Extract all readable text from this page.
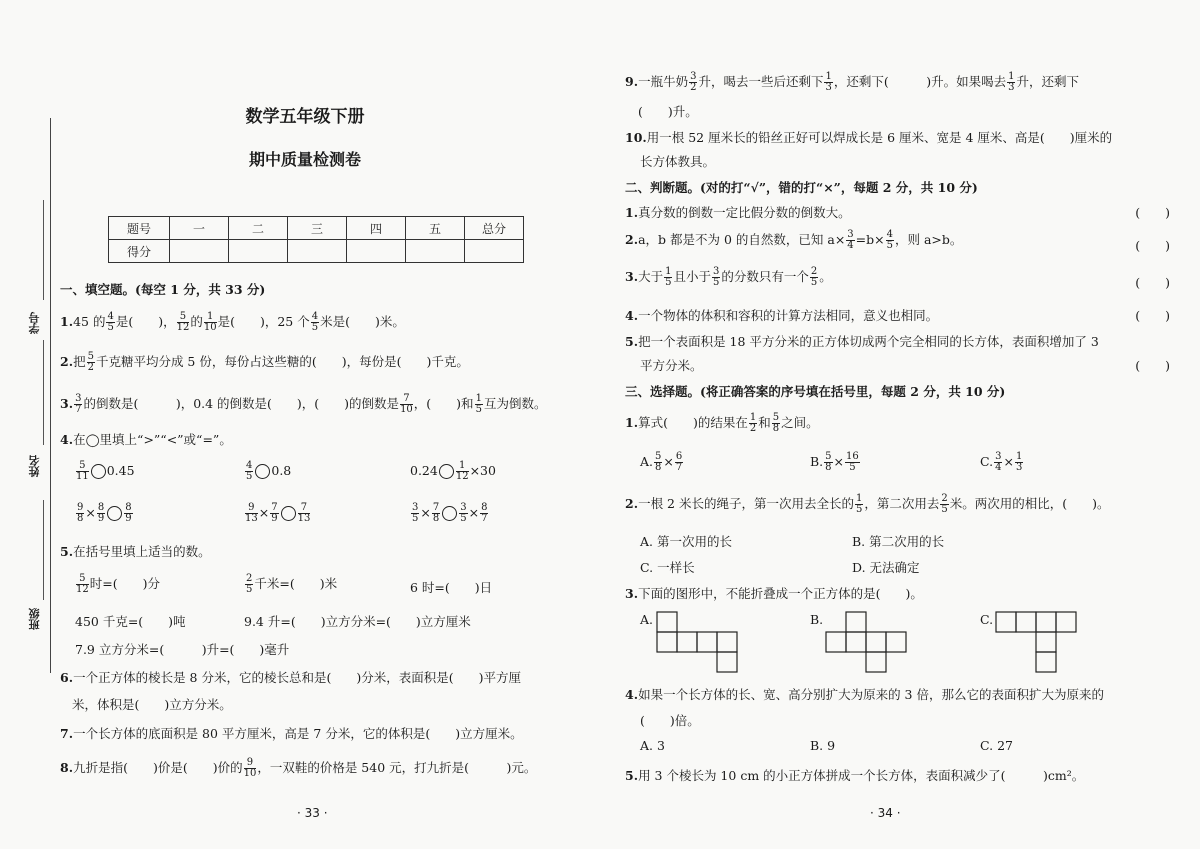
学号
姓名
班级
数学五年级下册
期中质量检测卷
题号	一	二	三	四	五	总分
得分						
一、填空题。(每空 1 分，共 33 分)
1.45 的 $\frac{4}{5}$ 是(　　)， $\frac{5}{12}$ 的 $\frac{1}{10}$ 是(　　)，25 个 $\frac{4}{5}$ 米是(　　)米。
2.把 $\frac{5}{2}$ 千克糖平均分成 5 份，每份占这些糖的(　　)，每份是(　　)千克。
3. $\frac{3}{7}$ 的倒数是(　　　)，0.4 的倒数是(　　)，(　　)的倒数是 $\frac{7}{10}$ ，(　　)和 $\frac{1}{5}$ 互为倒数。
4.在◯里填上“>”“<”或“=”。
$\frac{5}{11} 0.45$	$\frac{4}{5} 0.8$	$0.24 \frac{1}{12} \times 30$
$\frac{9}{8} \times \frac{8}{9} \frac{8}{9}$	$\frac{9}{13} \times \frac{7}{9} \frac{7}{13}$	$\frac{3}{5} \times \frac{7}{8} \frac{3}{5} \times \frac{8}{7}$
5.在括号里填上适当的数。
$\frac{5}{12}$ 时=(　　)分	$\frac{2}{5}$ 千米=(　　)米	6 时=(　　)日
450 千克=(　　)吨	9.4 升=(　　)立方分米=(　　)立方厘米
7.9 立方分米=(　　　)升=(　　)毫升
6.一个正方体的棱长是 8 分米，它的棱长总和是(　　)分米，表面积是(　　)平方厘
米，体积是(　　)立方分米。
7.一个长方体的底面积是 80 平方厘米，高是 7 分米，它的体积是(　　)立方厘米。
8.九折是指(　　)价是(　　)价的 $\frac{9}{10}$ ，一双鞋的价格是 540 元，打九折是(　　　)元。
· 33 ·
9.一瓶牛奶 $\frac{3}{2}$ 升，喝去一些后还剩下 $\frac{1}{3}$ ，还剩下(　　　)升。如果喝去 $\frac{1}{3}$ 升，还剩下
(　　)升。
10.用一根 52 厘米长的铅丝正好可以焊成长是 6 厘米、宽是 4 厘米、高是(　　)厘米的
长方体教具。
二、判断题。(对的打“√”，错的打“×”，每题 2 分，共 10 分)
1.真分数的倒数一定比假分数的倒数大。	(　　)
2.a，b 都是不为 0 的自然数，已知 $a\times \frac{3}{4} =b\times \frac{4}{5}$ ，则 a>b。	(　　)
3.大于 $\frac{1}{5}$ 且小于 $\frac{3}{5}$ 的分数只有一个 $\frac{2}{5}$ 。	(　　)
4.一个物体的体积和容积的计算方法相同，意义也相同。	(　　)
5.把一个表面积是 18 平方分米的正方体切成两个完全相同的长方体，表面积增加了 3
平方分米。	(　　)
三、选择题。(将正确答案的序号填在括号里，每题 2 分，共 10 分)
1.算式(　　)的结果在 $\frac{1}{2}$ 和 $\frac{5}{8}$ 之间。
A. $\frac{5}{8} \times \frac{6}{7}$	B. $\frac{5}{8} \times \frac{16}{5}$	C. $\frac{3}{4} \times \frac{1}{3}$
2.一根 2 米长的绳子，第一次用去全长的 $\frac{1}{5}$ ，第二次用去 $\frac{2}{5}$ 米。两次用的相比，(　　)。
A. 第一次用的长	B. 第二次用的长
C. 一样长	D. 无法确定
3.下面的图形中，不能折叠成一个正方体的是(　　)。
A.	B.	C.
4.如果一个长方体的长、宽、高分别扩大为原来的 3 倍，那么它的表面积扩大为原来的
(　　)倍。
A. 3	B. 9	C. 27
5.用 3 个棱长为 10 cm 的小正方体拼成一个长方体，表面积减少了(　　　)cm²。
· 34 ·
